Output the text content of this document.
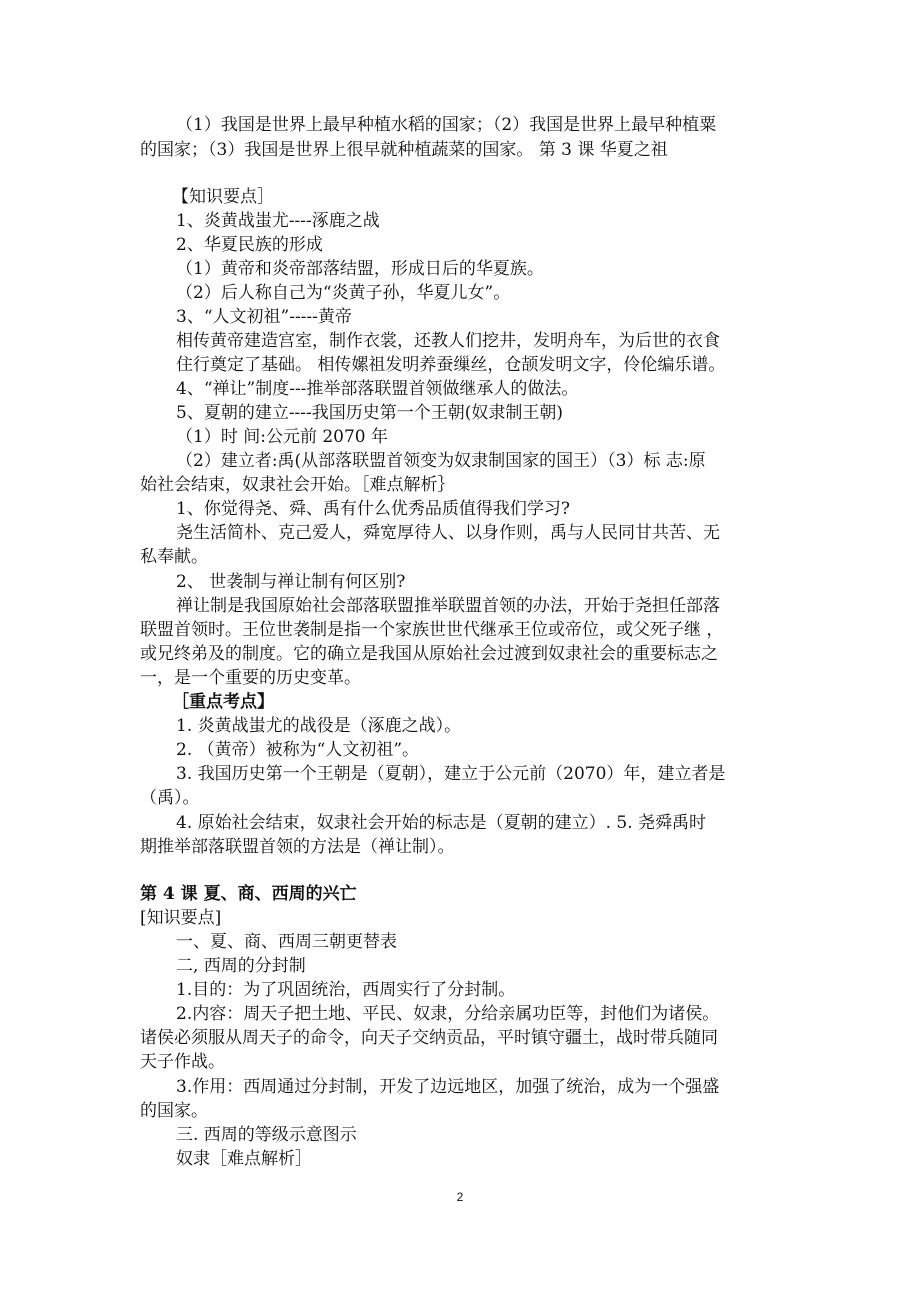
（1）我国是世界上最早种植水稻的国家；（2）我国是世界上最早种植粟
的国家；（3）我国是世界上很早就种植蔬菜的国家。 第 3 课 华夏之祖
【知识要点］
1、炎黄战蚩尤----涿鹿之战
2、华夏民族的形成
（1）黄帝和炎帝部落结盟，形成日后的华夏族。
（2）后人称自己为“炎黄子孙，华夏儿女”。
3、“人文初祖”-----黄帝
相传黄帝建造宫室，制作衣裳，还教人们挖井，发明舟车，为后世的衣食
住行奠定了基础。 相传嫘祖发明养蚕缫丝，仓颉发明文字，伶伦编乐谱。
4、“禅让”制度---推举部落联盟首领做继承人的做法。
5、夏朝的建立----我国历史第一个王朝(奴隶制王朝)
（1）时 间:公元前 2070 年
（2）建立者:禹(从部落联盟首领变为奴隶制国家的国王）（3）标 志:原
始社会结束，奴隶社会开始。［难点解析｝
1、你觉得尧、舜、禹有什么优秀品质值得我们学习?
尧生活简朴、克己爱人，舜宽厚待人、以身作则，禹与人民同甘共苦、无
私奉献。
2、 世袭制与禅让制有何区别?
禅让制是我国原始社会部落联盟推举联盟首领的办法，开始于尧担任部落
联盟首领时。王位世袭制是指一个家族世世代继承王位或帝位，或父死子继 ，
或兄终弟及的制度。它的确立是我国从原始社会过渡到奴隶社会的重要标志之
一，是一个重要的历史变革。
［重点考点】
1. 炎黄战蚩尤的战役是（涿鹿之战）。
2. （黄帝）被称为“人文初祖”。
3. 我国历史第一个王朝是（夏朝），建立于公元前（2070）年，建立者是
（禹）。
4. 原始社会结束，奴隶社会开始的标志是（夏朝的建立）. 5. 尧舜禹时
期推举部落联盟首领的方法是（禅让制）。
第 4 课 夏、商、西周的兴亡
[知识要点]
一、夏、商、西周三朝更替表
二, 西周的分封制
1.目的：为了巩固统治，西周实行了分封制。
2.内容：周天子把土地、平民、奴隶，分给亲属功臣等，封他们为诸侯。
诸侯必须服从周天子的命令，向天子交纳贡品，平时镇守疆土，战时带兵随同
天子作战。
3.作用：西周通过分封制，开发了边远地区，加强了统治，成为一个强盛
的国家。
三. 西周的等级示意图示
奴隶［难点解析］
2
